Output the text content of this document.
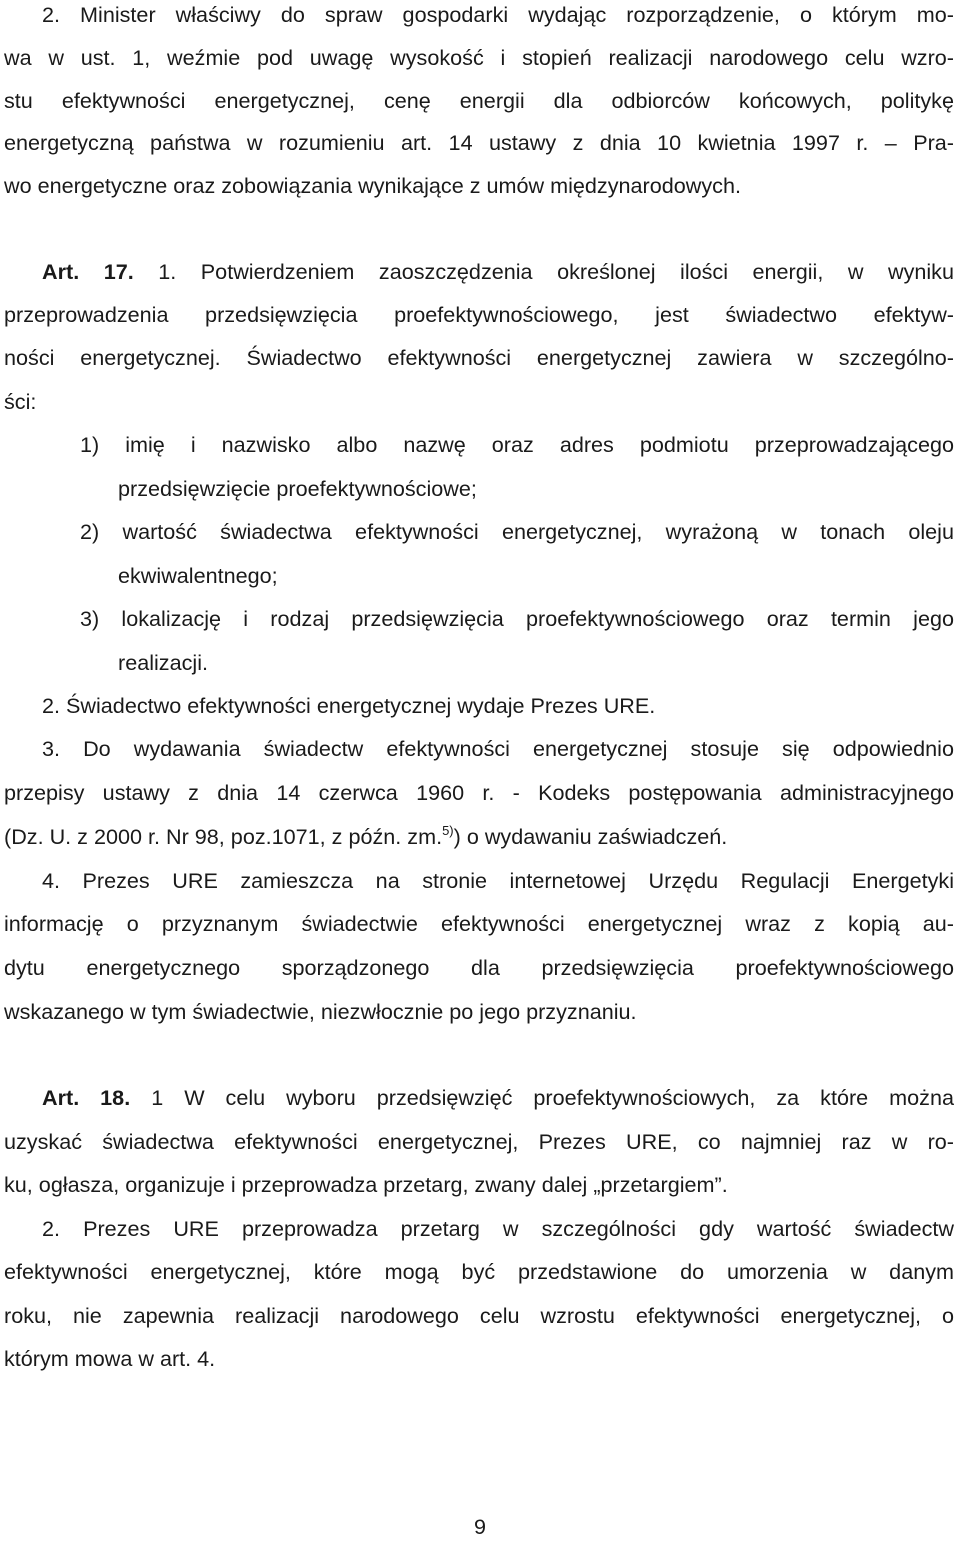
2. Minister właściwy do spraw gospodarki wydając rozporządzenie, o którym mo-
wa w ust. 1, weźmie pod uwagę wysokość i stopień realizacji narodowego celu wzro-
stu efektywności energetycznej, cenę energii dla odbiorców końcowych, politykę
energetyczną państwa w rozumieniu art. 14 ustawy z dnia 10 kwietnia 1997 r. – Pra-
wo energetyczne oraz zobowiązania wynikające z umów międzynarodowych.
Art. 17. 1. Potwierdzeniem zaoszczędzenia określonej ilości energii, w wyniku
przeprowadzenia przedsięwzięcia proefektywnościowego, jest świadectwo efektyw-
ności energetycznej. Świadectwo efektywności energetycznej zawiera w szczególno-
ści:
1) imię i nazwisko albo nazwę oraz adres podmiotu przeprowadzającego
przedsięwzięcie proefektywnościowe;
2) wartość świadectwa efektywności energetycznej, wyrażoną w tonach oleju
ekwiwalentnego;
3) lokalizację i rodzaj przedsięwzięcia proefektywnościowego oraz termin jego
realizacji.
2. Świadectwo efektywności energetycznej wydaje Prezes URE.
3. Do wydawania świadectw efektywności energetycznej stosuje się odpowiednio
przepisy ustawy z dnia 14 czerwca 1960 r. - Kodeks postępowania administracyjnego
(Dz. U. z 2000 r. Nr 98, poz.1071, z późn. zm.$^{5)}$) o wydawaniu zaświadczeń.
4. Prezes URE zamieszcza na stronie internetowej Urzędu Regulacji Energetyki
informację o przyznanym świadectwie efektywności energetycznej wraz z kopią au-
dytu energetycznego sporządzonego dla przedsięwzięcia proefektywnościowego
wskazanego w tym świadectwie, niezwłocznie po jego przyznaniu.
Art. 18. 1 W celu wyboru przedsięwzięć proefektywnościowych, za które można
uzyskać świadectwa efektywności energetycznej, Prezes URE, co najmniej raz w ro-
ku, ogłasza, organizuje i przeprowadza przetarg, zwany dalej „przetargiem”.
2. Prezes URE przeprowadza przetarg w szczególności gdy wartość świadectw
efektywności energetycznej, które mogą być przedstawione do umorzenia w danym
roku, nie zapewnia realizacji narodowego celu wzrostu efektywności energetycznej, o
którym mowa w art. 4.
9
